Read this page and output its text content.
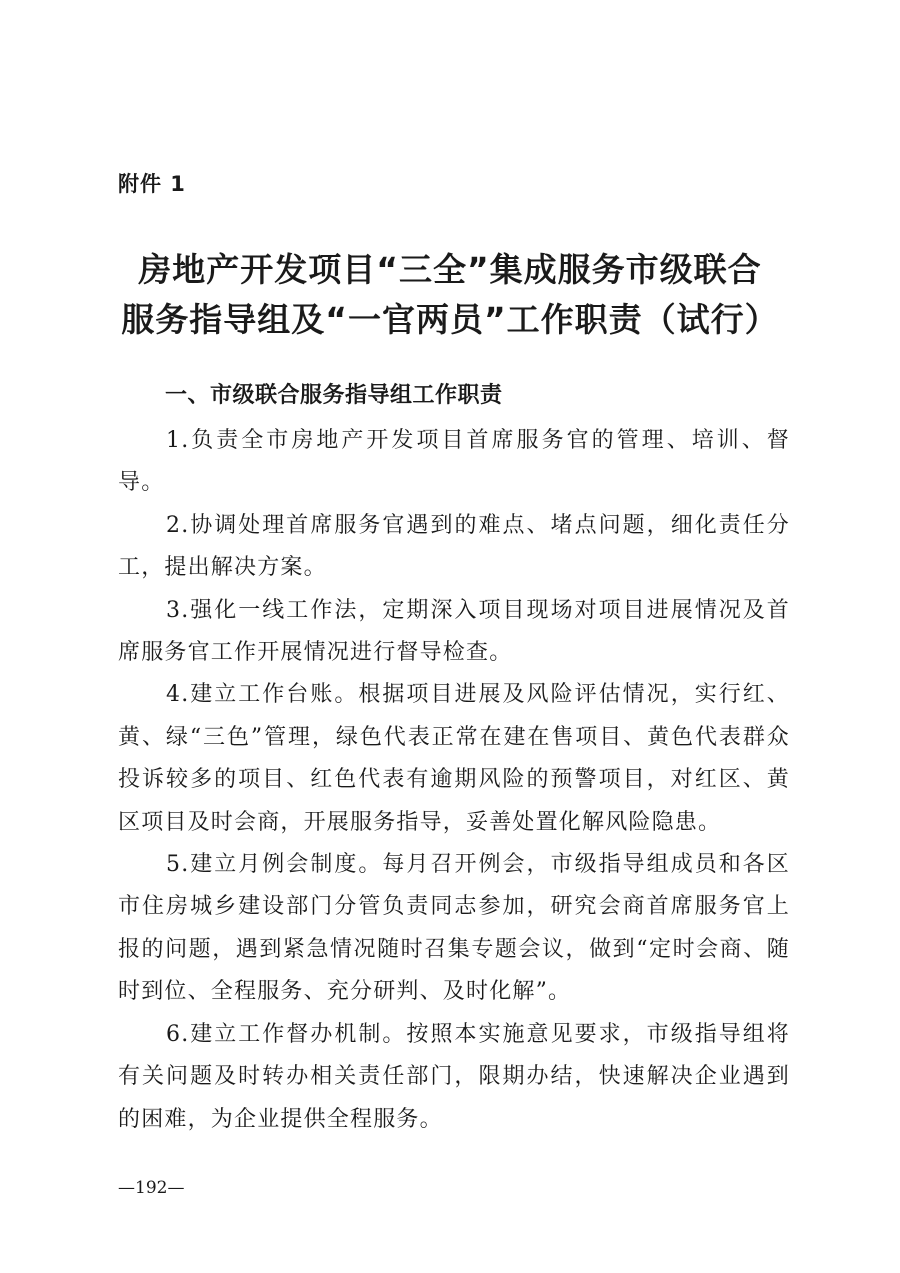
附件 1
房地产开发项目“三全”集成服务市级联合
服务指导组及“一官两员”工作职责（试行）
一、市级联合服务指导组工作职责

1.负责全市房地产开发项目首席服务官的管理、培训、督导。

2.协调处理首席服务官遇到的难点、堵点问题，细化责任分工，提出解决方案。

3.强化一线工作法，定期深入项目现场对项目进展情况及首席服务官工作开展情况进行督导检查。

4.建立工作台账。根据项目进展及风险评估情况，实行红、黄、绿“三色”管理，绿色代表正常在建在售项目、黄色代表群众投诉较多的项目、红色代表有逾期风险的预警项目，对红区、黄区项目及时会商，开展服务指导，妥善处置化解风险隐患。

5.建立月例会制度。每月召开例会，市级指导组成员和各区市住房城乡建设部门分管负责同志参加，研究会商首席服务官上报的问题，遇到紧急情况随时召集专题会议，做到“定时会商、随时到位、全程服务、充分研判、及时化解”。

6.建立工作督办机制。按照本实施意见要求，市级指导组将有关问题及时转办相关责任部门，限期办结，快速解决企业遇到的困难，为企业提供全程服务。

—192—
